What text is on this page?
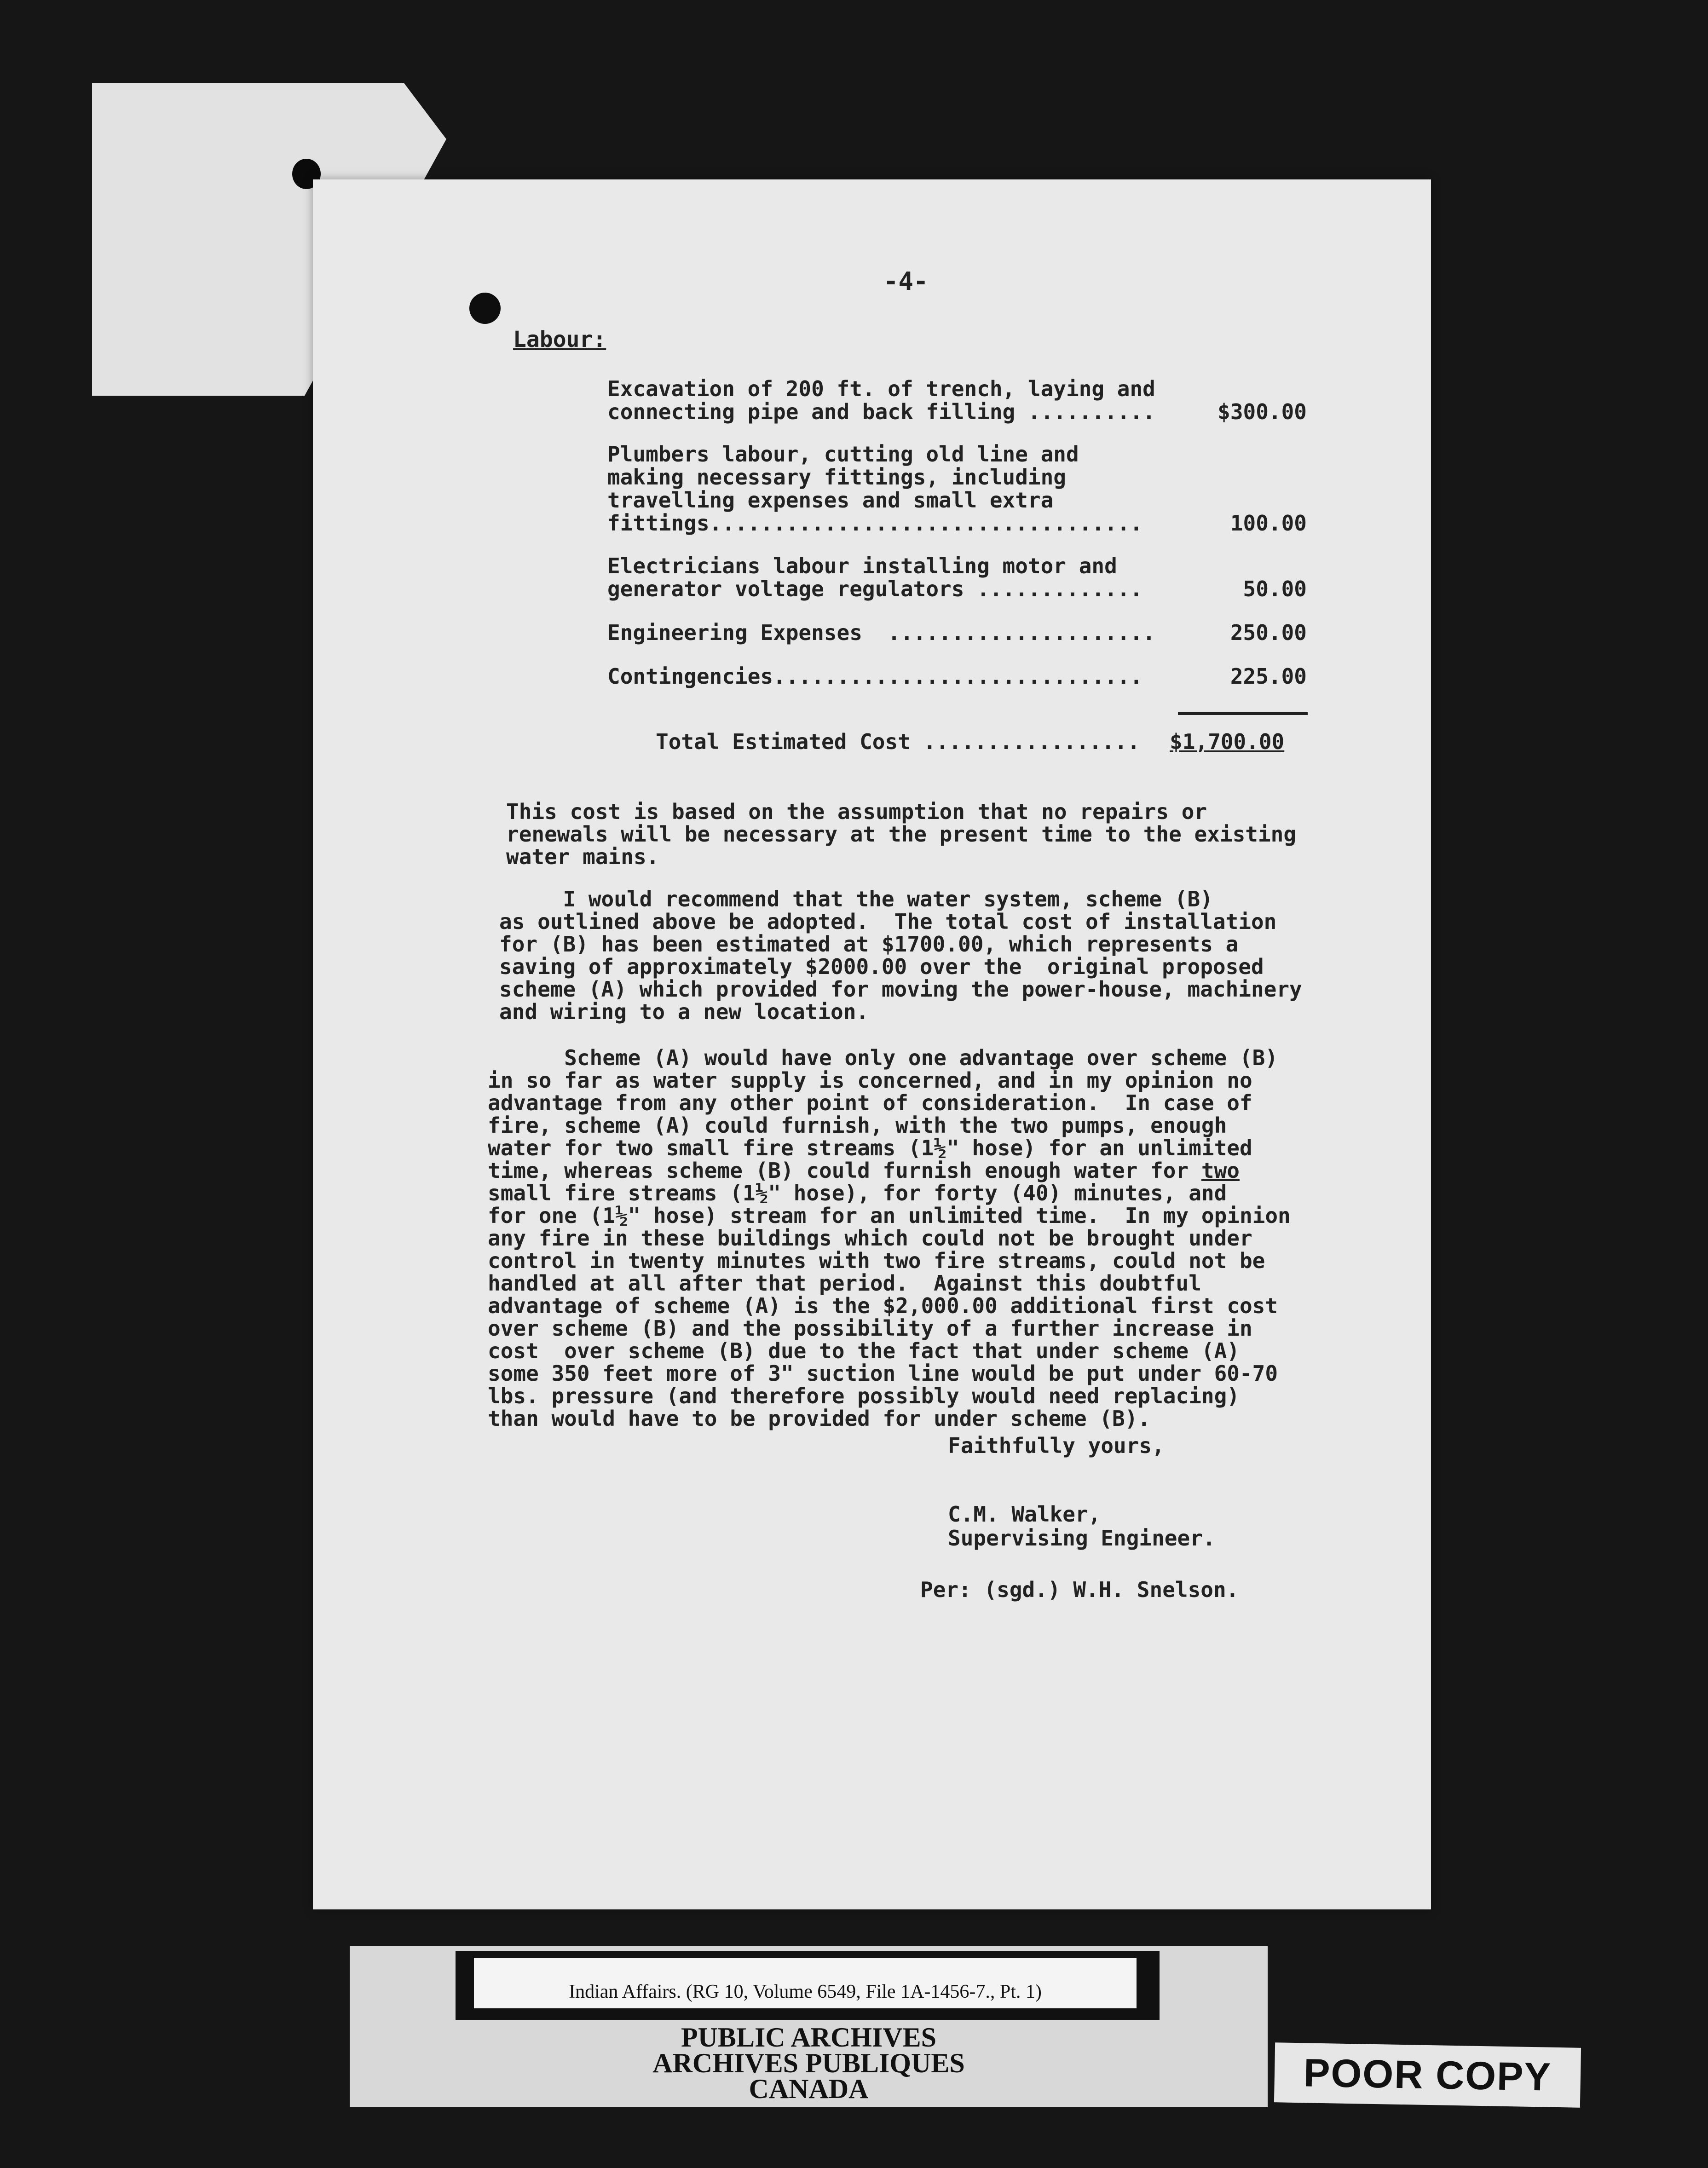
-4-
Labour:
Excavation of 200 ft. of trench, laying and
connecting pipe and back filling ..........	$300.00
Plumbers labour, cutting old line and
making necessary fittings, including
travelling expenses and small extra
fittings..................................	100.00
Electricians labour installing motor and
generator voltage regulators .............	50.00
Engineering Expenses  .....................	250.00
Contingencies.............................	225.00
Total Estimated Cost ................. $1,700.00
This cost is based on the assumption that no repairs or
renewals will be necessary at the present time to the existing
water mains.
I would recommend that the water system, scheme (B)
as outlined above be adopted.  The total cost of installation
for (B) has been estimated at $1700.00, which represents a
saving of approximately $2000.00 over the  original proposed
scheme (A) which provided for moving the power-house, machinery
and wiring to a new location.
Scheme (A) would have only one advantage over scheme (B)
in so far as water supply is concerned, and in my opinion no
advantage from any other point of consideration.  In case of
fire, scheme (A) could furnish, with the two pumps, enough
water for two small fire streams (1½" hose) for an unlimited
time, whereas scheme (B) could furnish enough water for two
small fire streams (1½" hose), for forty (40) minutes, and
for one (1½" hose) stream for an unlimited time.  In my opinion
any fire in these buildings which could not be brought under
control in twenty minutes with two fire streams, could not be
handled at all after that period.  Against this doubtful
advantage of scheme (A) is the $2,000.00 additional first cost
over scheme (B) and the possibility of a further increase in
cost  over scheme (B) due to the fact that under scheme (A)
some 350 feet more of 3" suction line would be put under 60-70
lbs. pressure (and therefore possibly would need replacing)
than would have to be provided for under scheme (B).
Faithfully yours,
C.M. Walker,
Supervising Engineer.
Per: (sgd.) W.H. Snelson.
Indian Affairs. (RG 10, Volume 6549, File 1A-1456-7., Pt. 1)
PUBLIC ARCHIVES
ARCHIVES PUBLIQUES
CANADA	POOR COPY
